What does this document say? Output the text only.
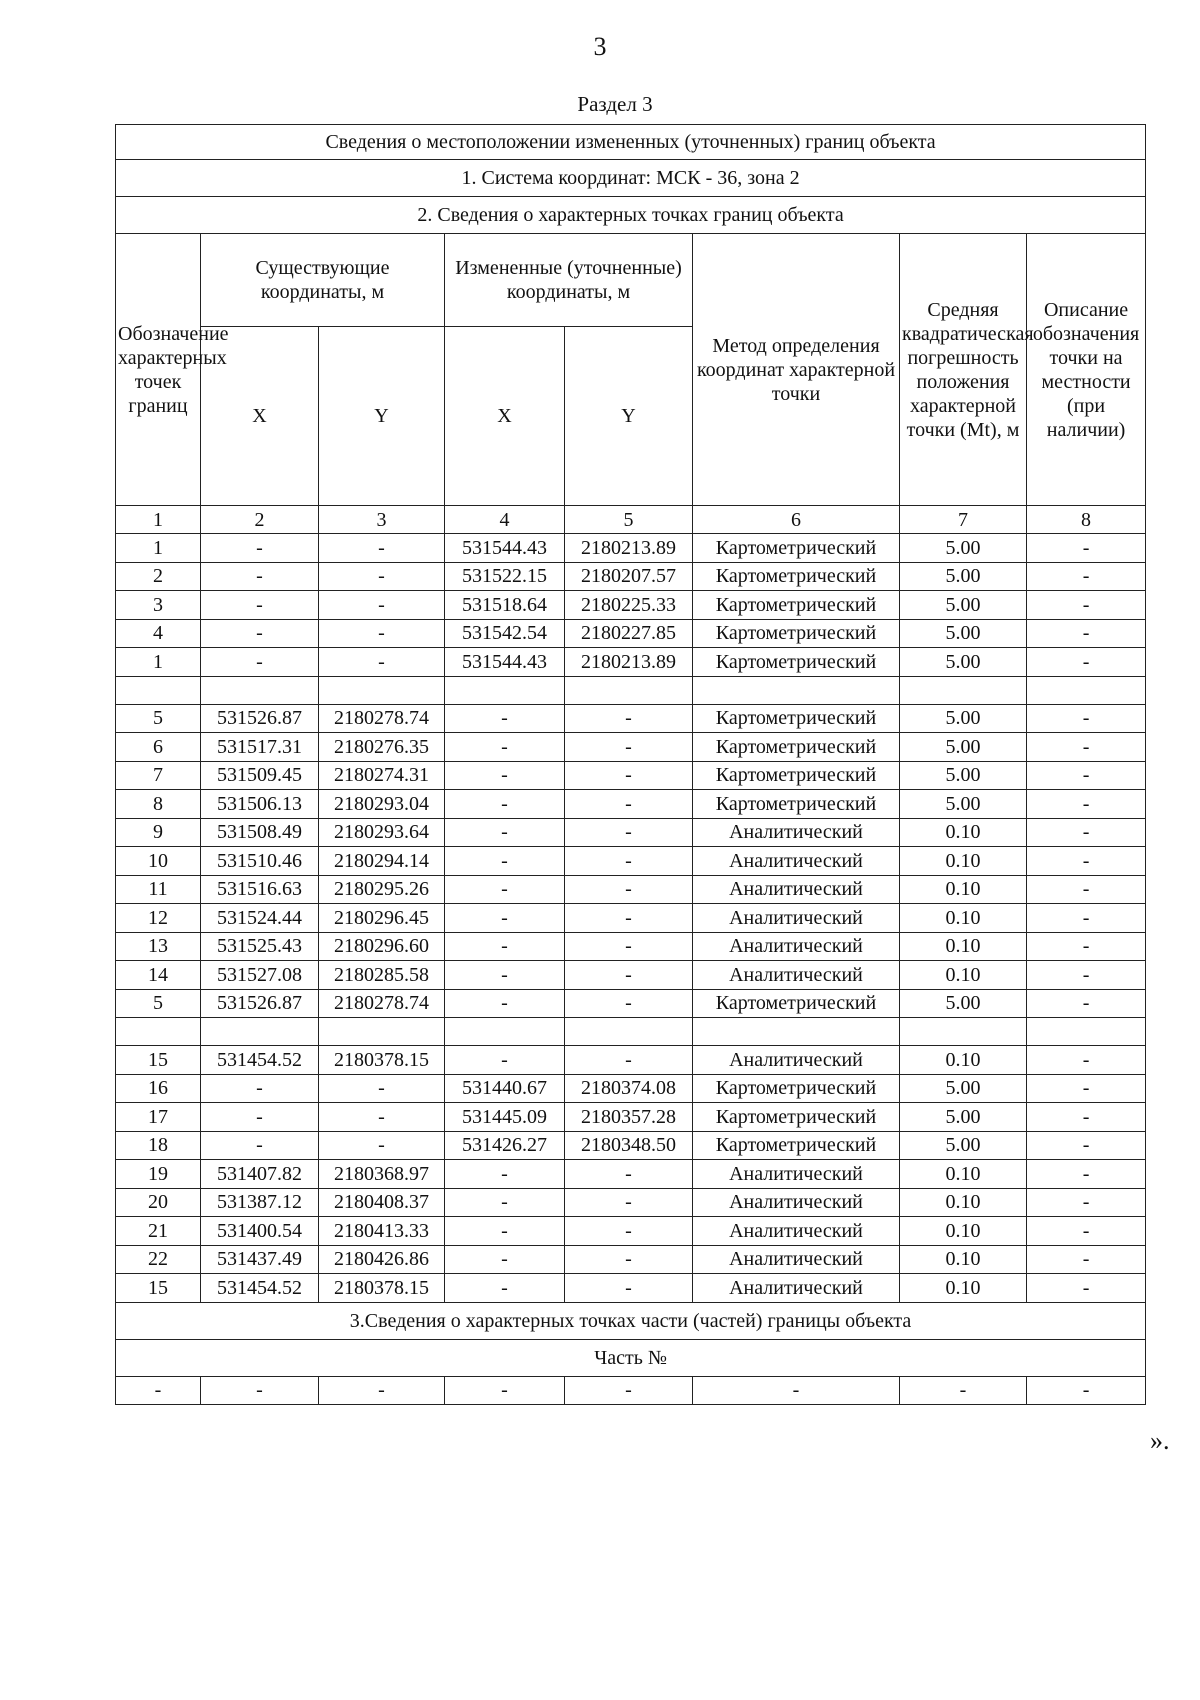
3
Раздел 3
Сведения о местоположении измененных (уточненных) границ объекта							
1. Система координат: МСК - 36, зона 2							
2. Сведения о характерных точках границ объекта							
Обозначение характерных точек границ	Существующие координаты, м		Измененные (уточненные) координаты, м		Метод определения координат характерной точки	Средняя квадратическая погрешность положения характерной точки (Mt), м	Описание обозначения точки на местности (при наличии)
	X	Y	X	Y			
1	2	3	4	5	6	7	8
1	-	-	531544.43	2180213.89	Картометрический	5.00	-
2	-	-	531522.15	2180207.57	Картометрический	5.00	-
3	-	-	531518.64	2180225.33	Картометрический	5.00	-
4	-	-	531542.54	2180227.85	Картометрический	5.00	-
1	-	-	531544.43	2180213.89	Картометрический	5.00	-

5	531526.87	2180278.74	-	-	Картометрический	5.00	-
6	531517.31	2180276.35	-	-	Картометрический	5.00	-
7	531509.45	2180274.31	-	-	Картометрический	5.00	-
8	531506.13	2180293.04	-	-	Картометрический	5.00	-
9	531508.49	2180293.64	-	-	Аналитический	0.10	-
10	531510.46	2180294.14	-	-	Аналитический	0.10	-
11	531516.63	2180295.26	-	-	Аналитический	0.10	-
12	531524.44	2180296.45	-	-	Аналитический	0.10	-
13	531525.43	2180296.60	-	-	Аналитический	0.10	-
14	531527.08	2180285.58	-	-	Аналитический	0.10	-
5	531526.87	2180278.74	-	-	Картометрический	5.00	-

15	531454.52	2180378.15	-	-	Аналитический	0.10	-
16	-	-	531440.67	2180374.08	Картометрический	5.00	-
17	-	-	531445.09	2180357.28	Картометрический	5.00	-
18	-	-	531426.27	2180348.50	Картометрический	5.00	-
19	531407.82	2180368.97	-	-	Аналитический	0.10	-
20	531387.12	2180408.37	-	-	Аналитический	0.10	-
21	531400.54	2180413.33	-	-	Аналитический	0.10	-
22	531437.49	2180426.86	-	-	Аналитический	0.10	-
15	531454.52	2180378.15	-	-	Аналитический	0.10	-
3.Сведения о характерных точках части (частей) границы объекта							
Часть №							
-	-	-	-	-	-	-	-
».
